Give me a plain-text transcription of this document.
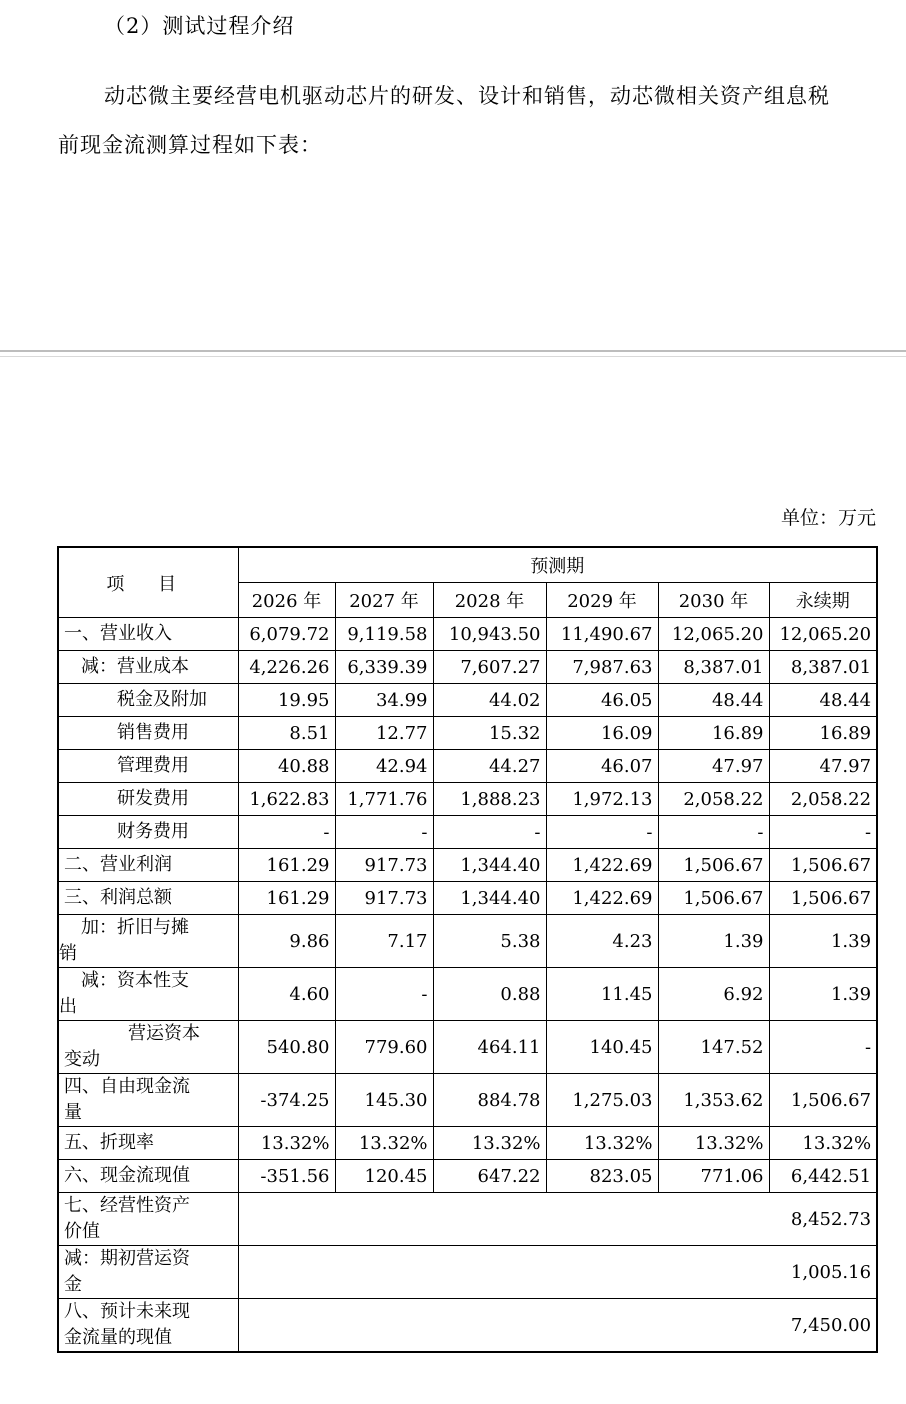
（2）测试过程介绍
动芯微主要经营电机驱动芯片的研发、设计和销售，动芯微相关资产组息税
前现金流测算过程如下表：
单位：万元
项 目	预测期					
	2026 年	2027 年	2028 年	2029 年	2030 年	永续期
一、营业收入	6,079.72	9,119.58	10,943.50	11,490.67	12,065.20	12,065.20
减：营业成本	4,226.26	6,339.39	7,607.27	7,987.63	8,387.01	8,387.01
税金及附加	19.95	34.99	44.02	46.05	48.44	48.44
销售费用	8.51	12.77	15.32	16.09	16.89	16.89
管理费用	40.88	42.94	44.27	46.07	47.97	47.97
研发费用	1,622.83	1,771.76	1,888.23	1,972.13	2,058.22	2,058.22
财务费用	-	-	-	-	-	-
二、营业利润	161.29	917.73	1,344.40	1,422.69	1,506.67	1,506.67
三、利润总额	161.29	917.73	1,344.40	1,422.69	1,506.67	1,506.67

加：折旧与摊
销	9.86	7.17	5.38	4.23	1.39	1.39

减：资本性支
出	4.60	-	0.88	11.45	6.92	1.39

营运资本
变动	540.80	779.60	464.11	140.45	147.52	-

四、自由现金流
量	-374.25	145.30	884.78	1,275.03	1,353.62	1,506.67
五、折现率	13.32%	13.32%	13.32%	13.32%	13.32%	13.32%
六、现金流现值	-351.56	120.45	647.22	823.05	771.06	6,442.51

七、经营性资产
价值	8,452.73					

减：期初营运资
金	1,005.16					

八、预计未来现
金流量的现值	7,450.00					
